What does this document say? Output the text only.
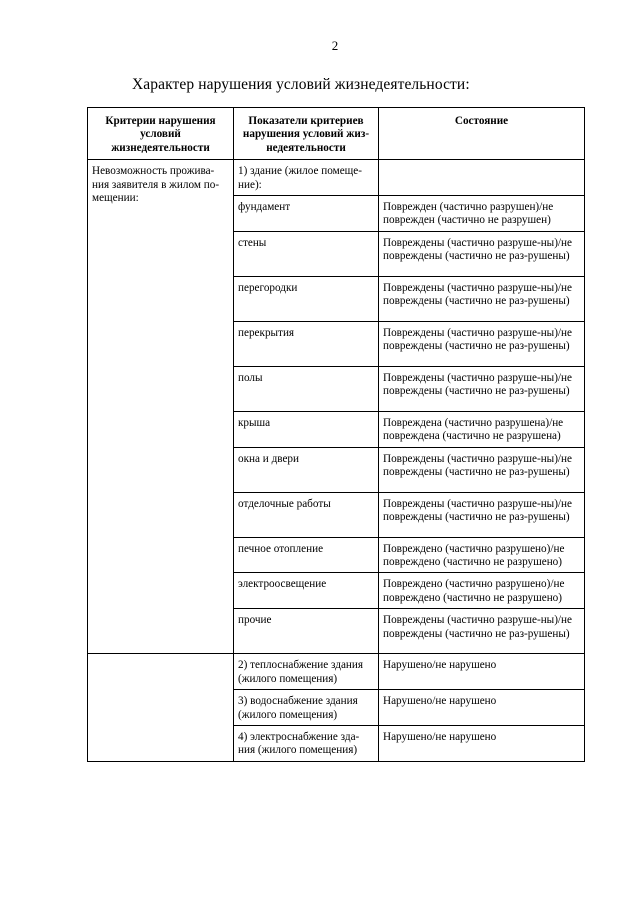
2
Характер нарушения условий жизнедеятельности:
Критерии нарушения условий жизнедеятельности	Показатели критериев нарушения условий жиз-недеятельности	Состояние
Невозможность прожива-ния заявителя в жилом по-мещении:	1) здание (жилое помеще-ние):	
	фундамент	Поврежден (частично разрушен)/не поврежден (частично не разрушен)
	стены	Повреждены (частично разруше-ны)/не повреждены (частично не раз-рушены)
	перегородки	Повреждены (частично разруше-ны)/не повреждены (частично не раз-рушены)
	перекрытия	Повреждены (частично разруше-ны)/не повреждены (частично не раз-рушены)
	полы	Повреждены (частично разруше-ны)/не повреждены (частично не раз-рушены)
	крыша	Повреждена (частично разрушена)/не повреждена (частично не разрушена)
	окна и двери	Повреждены (частично разруше-ны)/не повреждены (частично не раз-рушены)
	отделочные работы	Повреждены (частично разруше-ны)/не повреждены (частично не раз-рушены)
	печное отопление	Повреждено (частично разрушено)/не повреждено (частично не разрушено)
	электроосвещение	Повреждено (частично разрушено)/не повреждено (частично не разрушено)
	прочие	Повреждены (частично разруше-ны)/не повреждены (частично не раз-рушены)
	2) теплоснабжение здания (жилого помещения)	Нарушено/не нарушено
	3) водоснабжение здания (жилого помещения)	Нарушено/не нарушено
	4) электроснабжение зда-ния (жилого помещения)	Нарушено/не нарушено
